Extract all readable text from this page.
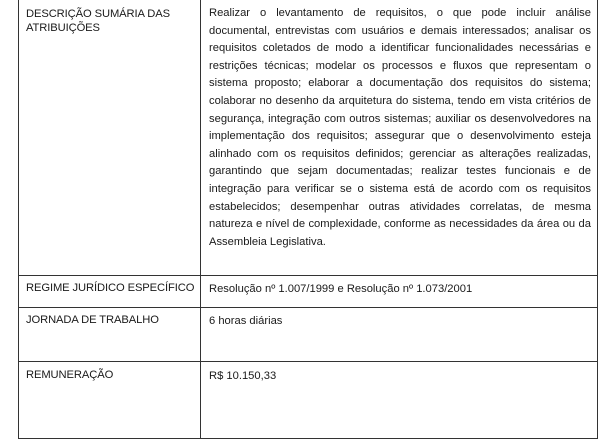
DESCRIÇÃO SUMÁRIA DAS ATRIBUIÇÕES	Realizar o levantamento de requisitos, o que pode incluir análise documental, entrevistas com usuários e demais interessados; analisar os requisitos coletados de modo a identificar funcionalidades necessárias e restrições técnicas; modelar os processos e fluxos que representam o sistema proposto; elaborar a documentação dos requisitos do sistema; colaborar no desenho da arquitetura do sistema, tendo em vista critérios de segurança, integração com outros sistemas; auxiliar os desenvolvedores na implementação dos requisitos; assegurar que o desenvolvimento esteja alinhado com os requisitos definidos; gerenciar as alterações realizadas, garantindo que sejam documentadas; realizar testes funcionais e de integração para verificar se o sistema está de acordo com os requisitos estabelecidos; desempenhar outras atividades correlatas, de mesma natureza e nível de complexidade, conforme as necessidades da área ou da Assembleia Legislativa.
REGIME JURÍDICO ESPECÍFICO	Resolução nº 1.007/1999 e Resolução nº 1.073/2001
JORNADA DE TRABALHO	6 horas diárias
REMUNERAÇÃO	R$ 10.150,33
